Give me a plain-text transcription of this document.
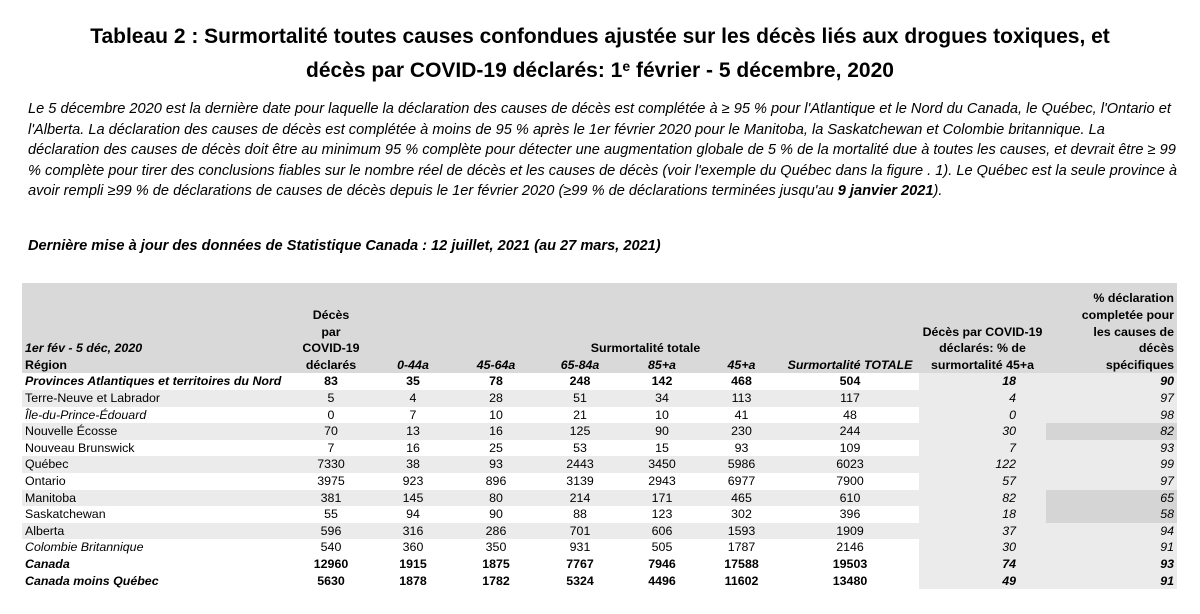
Tableau 2 : Surmortalité toutes causes confondues ajustée sur les décès liés aux drogues toxiques, et
décès par COVID-19 déclarés: 1e février - 5 décembre, 2020
Le 5 décembre 2020 est la dernière date pour laquelle la déclaration des causes de décès est complétée à ≥ 95 % pour l'Atlantique et le Nord du Canada, le Québec, l'Ontario et l'Alberta. La déclaration des causes de décès est complétée à moins de 95 % après le 1er février 2020 pour le Manitoba, la Saskatchewan et Colombie britannique. La déclaration des causes de décès doit être au minimum 95 % complète pour détecter une augmentation globale de 5 % de la mortalité due à toutes les causes, et devrait être ≥ 99 % complète pour tirer des conclusions fiables sur le nombre réel de décès et les causes de décès (voir l'exemple du Québec dans la figure . 1). Le Québec est la seule province à avoir rempli ≥99 % de déclarations de causes de décès depuis le 1er février 2020 (≥99 % de déclarations terminées jusqu'au 9 janvier 2021).
Dernière mise à jour des données de Statistique Canada : 12 juillet, 2021 (au 27 mars, 2021)
									% déclaration
	Décès								completée pour
	par							Décès par COVID-19	les causes de
1er fév - 5 déc, 2020	COVID-19	Surmortalité totale						déclarés: % de	décès
Région	déclarés	0-44a	45-64a	65-84a	85+a	45+a	Surmortalité TOTALE	surmortalité 45+a	spécifiques
Provinces Atlantiques et territoires du Nord	83	35	78	248	142	468	504	18	90
Terre-Neuve et Labrador	5	4	28	51	34	113	117	4	97
Île-du-Prince-Édouard	0	7	10	21	10	41	48	0	98
Nouvelle Écosse	70	13	16	125	90	230	244	30	82
Nouveau Brunswick	7	16	25	53	15	93	109	7	93
Québec	7330	38	93	2443	3450	5986	6023	122	99
Ontario	3975	923	896	3139	2943	6977	7900	57	97
Manitoba	381	145	80	214	171	465	610	82	65
Saskatchewan	55	94	90	88	123	302	396	18	58
Alberta	596	316	286	701	606	1593	1909	37	94
Colombie Britannique	540	360	350	931	505	1787	2146	30	91
Canada	12960	1915	1875	7767	7946	17588	19503	74	93
Canada moins Québec	5630	1878	1782	5324	4496	11602	13480	49	91
